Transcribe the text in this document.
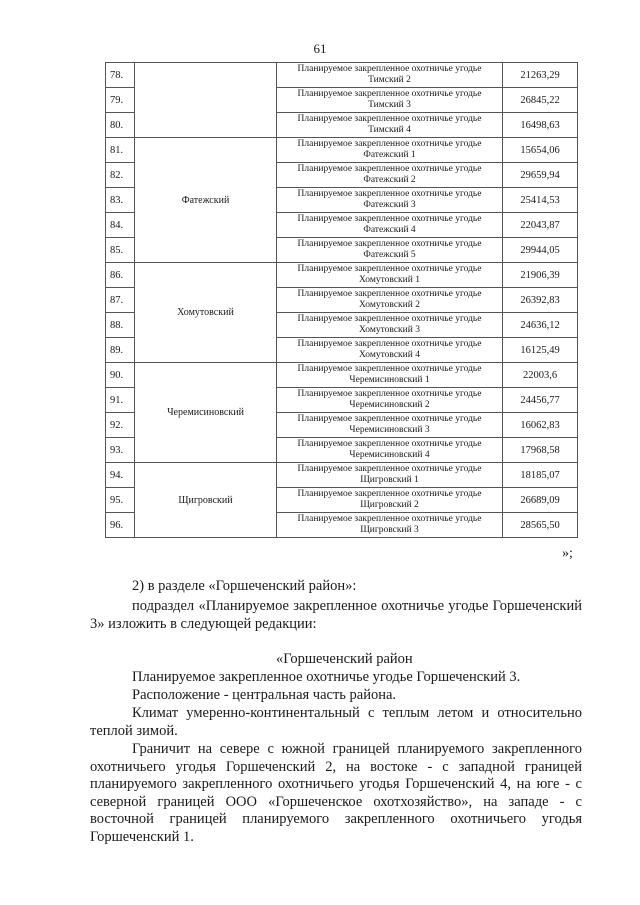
61
78.		Планируемое закрепленное охотничье угодье
Тимский 2	21263,29
79.		Планируемое закрепленное охотничье угодье
Тимский 3	26845,22
80.		Планируемое закрепленное охотничье угодье
Тимский 4	16498,63
81.	Фатежский	Планируемое закрепленное охотничье угодье
Фатежский 1	15654,06
82.		Планируемое закрепленное охотничье угодье
Фатежский 2	29659,94
83.		Планируемое закрепленное охотничье угодье
Фатежский 3	25414,53
84.		Планируемое закрепленное охотничье угодье
Фатежский 4	22043,87
85.		Планируемое закрепленное охотничье угодье
Фатежский 5	29944,05
86.	Хомутовский	Планируемое закрепленное охотничье угодье
Хомутовский 1	21906,39
87.		Планируемое закрепленное охотничье угодье
Хомутовский 2	26392,83
88.		Планируемое закрепленное охотничье угодье
Хомутовский 3	24636,12
89.		Планируемое закрепленное охотничье угодье
Хомутовский 4	16125,49
90.	Черемисиновский	Планируемое закрепленное охотничье угодье
Черемисиновский 1	22003,6
91.		Планируемое закрепленное охотничье угодье
Черемисиновский 2	24456,77
92.		Планируемое закрепленное охотничье угодье
Черемисиновский 3	16062,83
93.		Планируемое закрепленное охотничье угодье
Черемисиновский 4	17968,58
94.	Щигровский	Планируемое закрепленное охотничье угодье
Щигровский 1	18185,07
95.		Планируемое закрепленное охотничье угодье
Щигровский 2	26689,09
96.		Планируемое закрепленное охотничье угодье
Щигровский 3	28565,50
»;

2) в разделе «Горшеченский район»:

подраздел «Планируемое закрепленное охотничье угодье Горшеченский 3» изложить в следующей редакции:

«Горшеченский район

Планируемое закрепленное охотничье угодье Горшеченский 3.

Расположение - центральная часть района.

Климат умеренно-континентальный с теплым летом и относительно теплой зимой.

Граничит на севере с южной границей планируемого закрепленного охотничьего угодья Горшеченский 2, на востоке - с западной границей планируемого закрепленного охотничьего угодья Горшеченский 4, на юге - с северной границей ООО «Горшеченское охотхозяйство», на западе - с восточной границей планируемого закрепленного охотничьего угодья Горшеченский 1.
